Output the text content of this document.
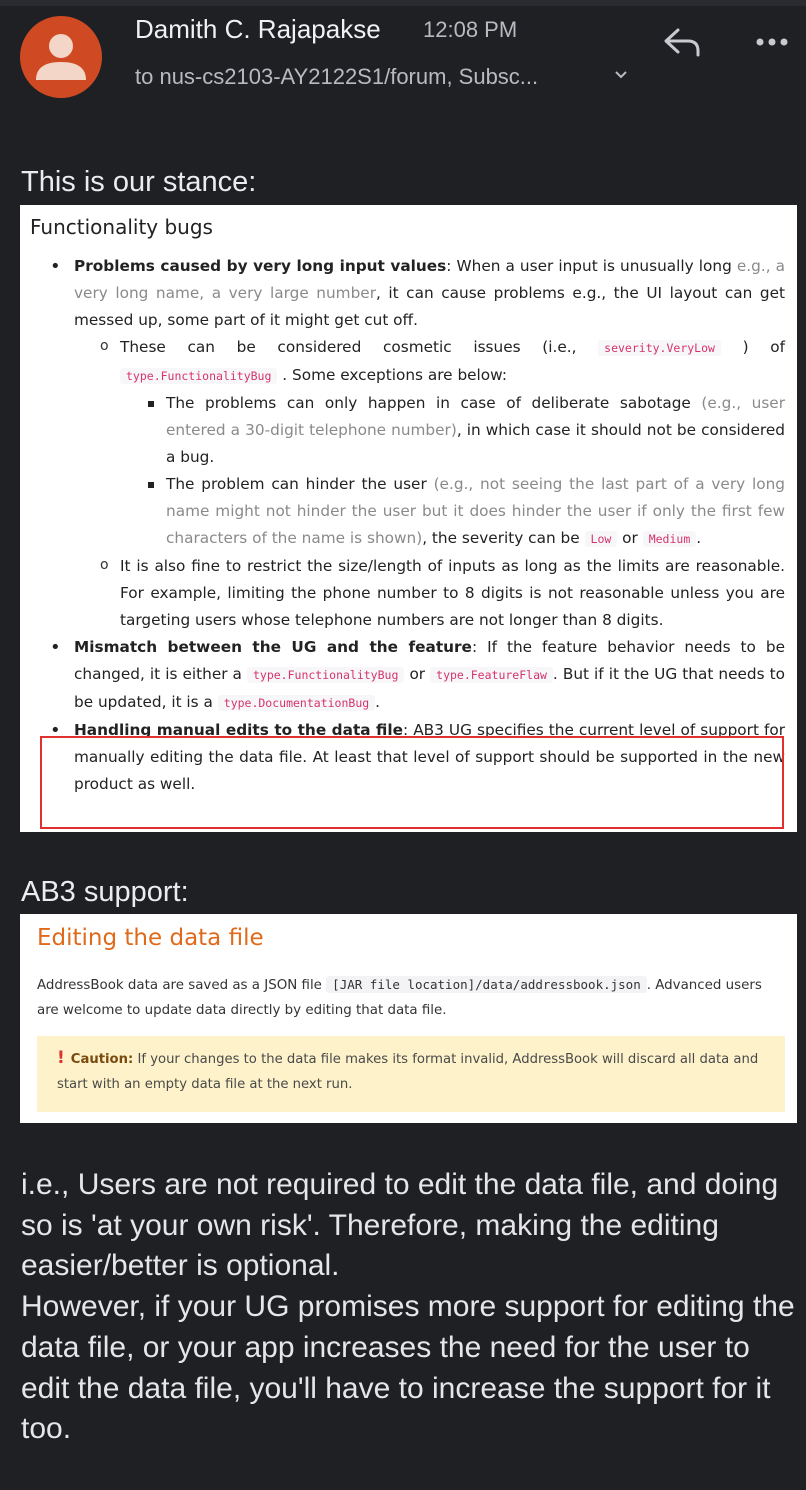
Damith C. Rajapakse 12:08 PM
to nus-cs2103-AY2122S1/forum, Subsc...
This is our stance:
Functionality bugs
• Problems caused by very long input values: When a user input is unusually long e.g., a very long name, a very large number, it can cause problems e.g., the UI layout can get messed up, some part of it might get cut off.
o These can be considered cosmetic issues (i.e., severity.VeryLow ) of type.FunctionalityBug . Some exceptions are below:
The problems can only happen in case of deliberate sabotage (e.g., user entered a 30-digit telephone number), in which case it should not be considered a bug.
The problem can hinder the user (e.g., not seeing the last part of a very long name might not hinder the user but it does hinder the user if only the first few characters of the name is shown), the severity can be Low or Medium .
o It is also fine to restrict the size/length of inputs as long as the limits are reasonable. For example, limiting the phone number to 8 digits is not reasonable unless you are targeting users whose telephone numbers are not longer than 8 digits.
• Mismatch between the UG and the feature: If the feature behavior needs to be changed, it is either a type.FunctionalityBug or type.FeatureFlaw . But if it the UG that needs to be updated, it is a type.DocumentationBug .
• Handling manual edits to the data file: AB3 UG specifies the current level of support for manually editing the data file. At least that level of support should be supported in the new product as well.
AB3 support:
Editing the data file
AddressBook data are saved as a JSON file [JAR file location]/data/addressbook.json . Advanced users are welcome to update data directly by editing that data file.
! Caution: If your changes to the data file makes its format invalid, AddressBook will discard all data and start with an empty data file at the next run.

i.e., Users are not required to edit the data file, and doing so is 'at your own risk'. Therefore, making the editing easier/better is optional.

However, if your UG promises more support for editing the data file, or your app increases the need for the user to edit the data file, you'll have to increase the support for it too.
